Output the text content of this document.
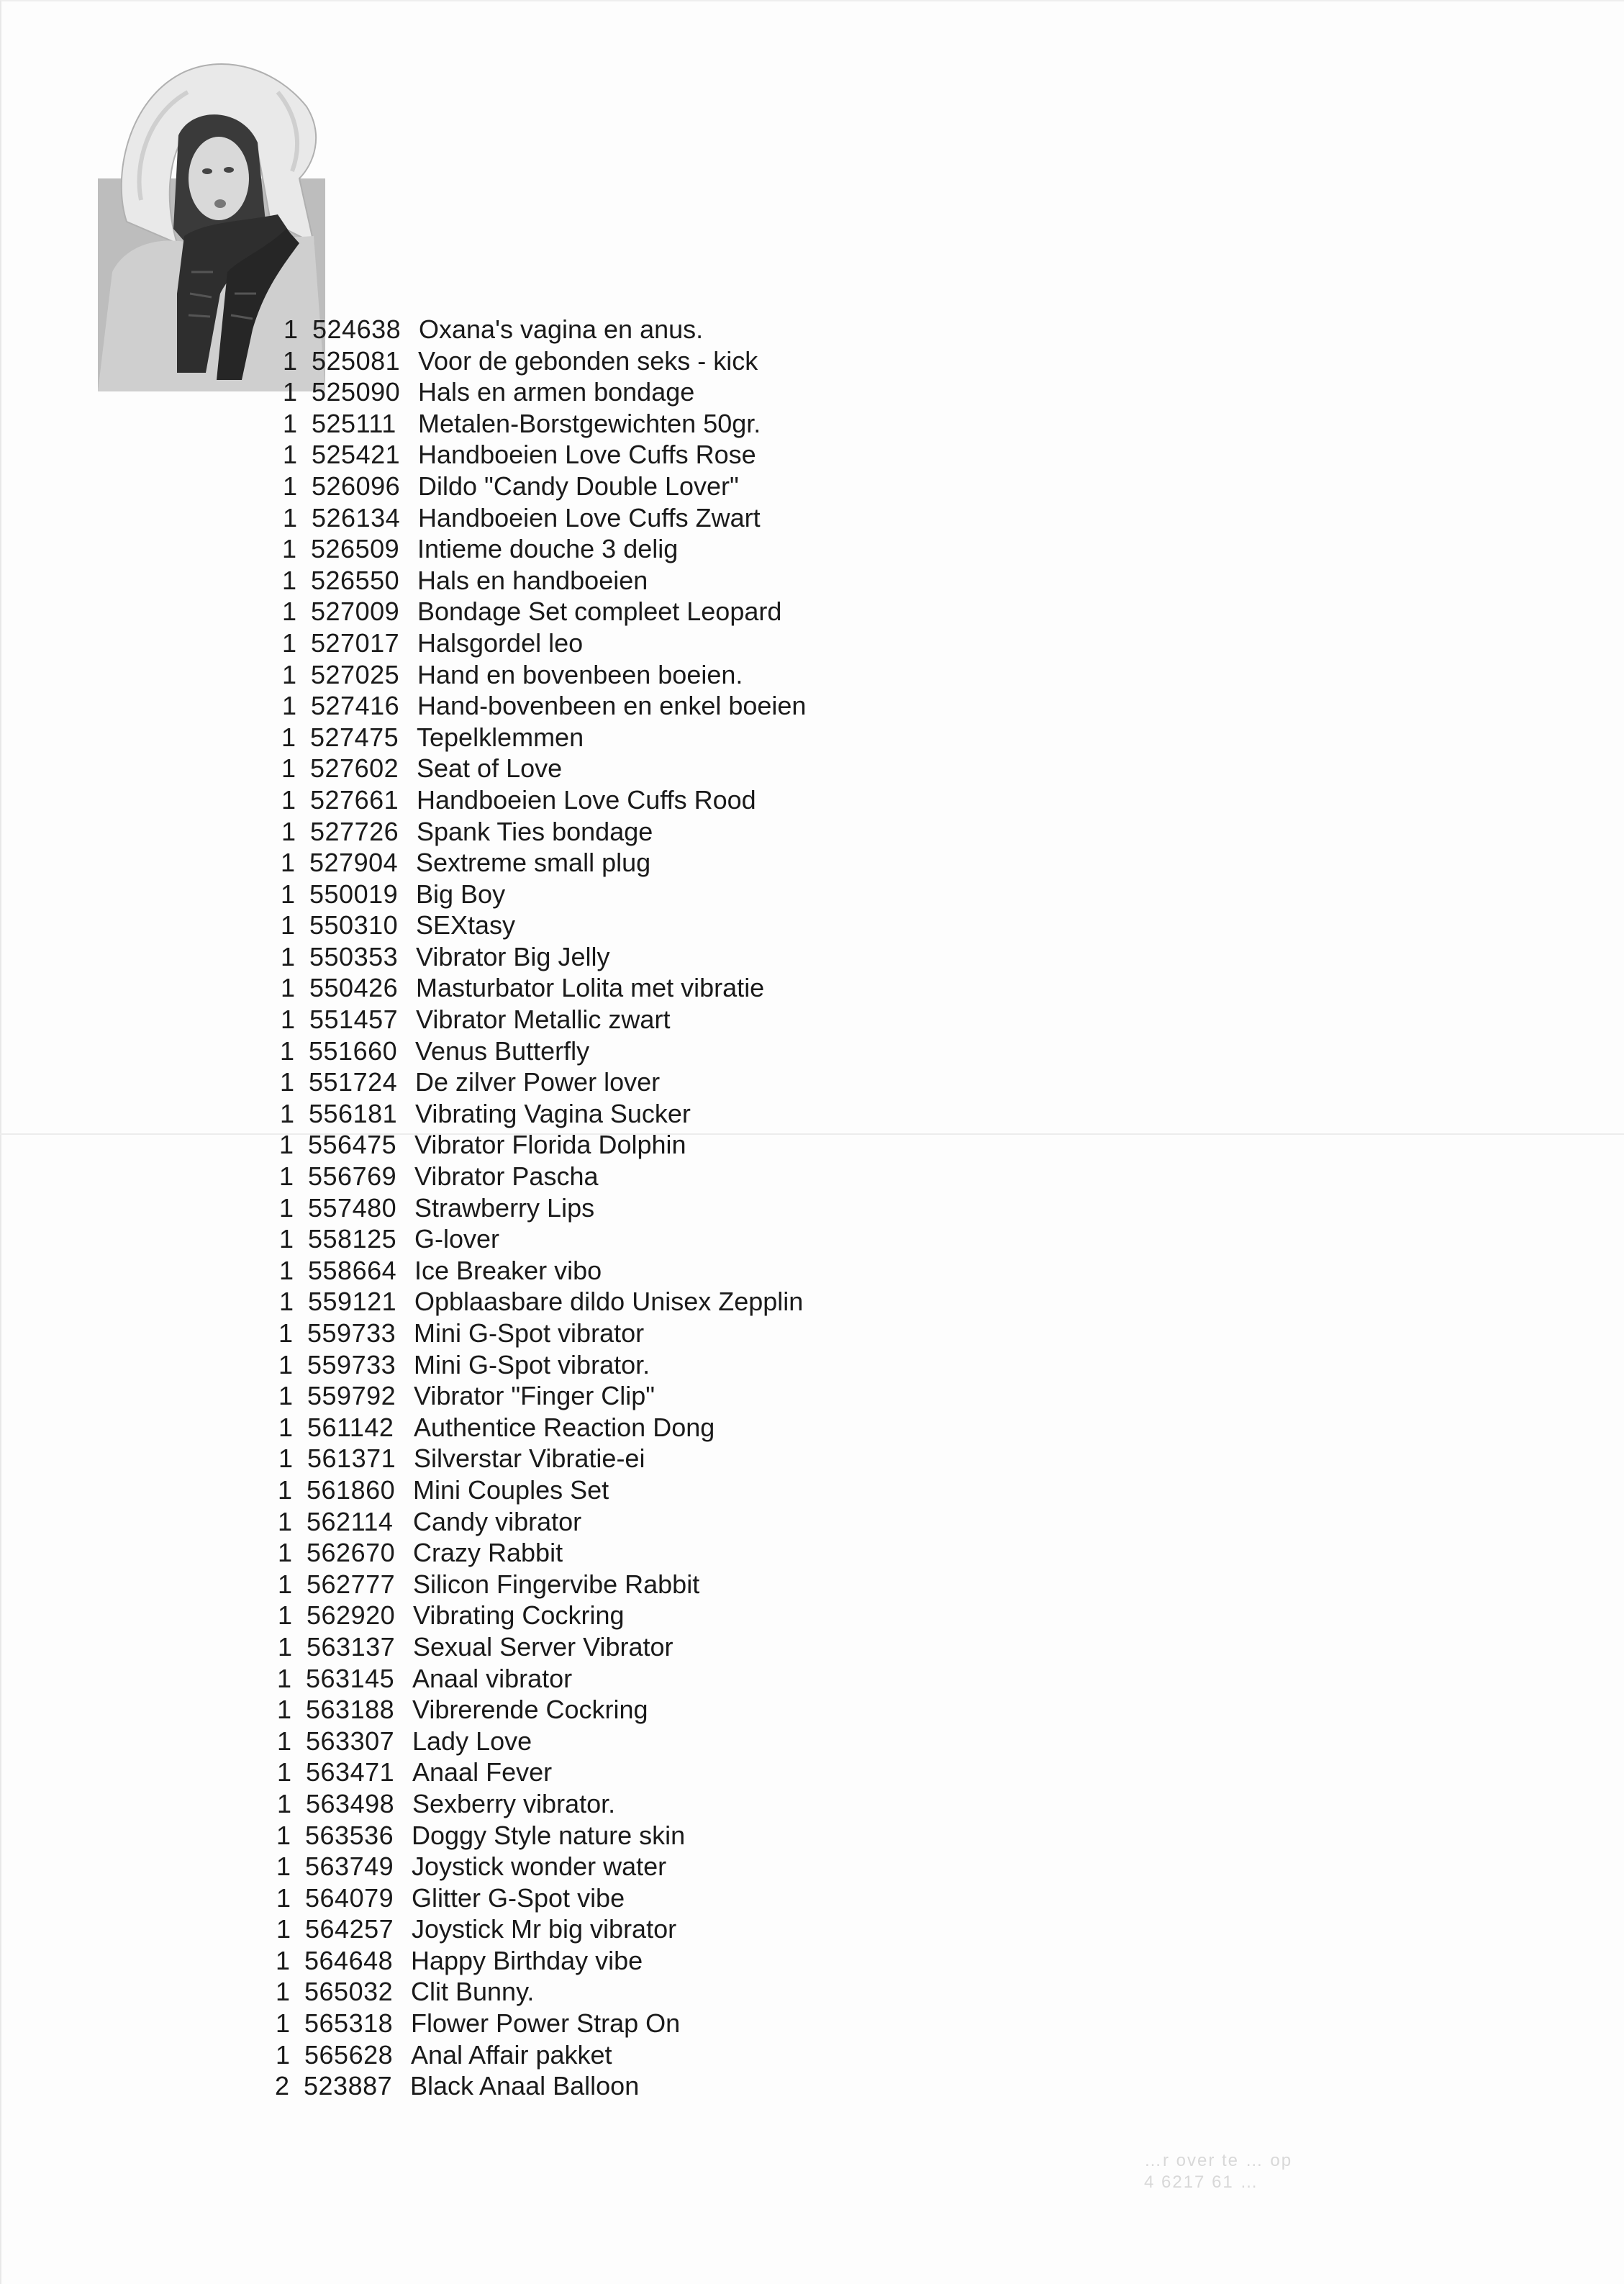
1 524638 Oxana's vagina en anus.
1 525081 Voor de gebonden seks - kick
1 525090 Hals en armen bondage
1 525111 Metalen-Borstgewichten 50gr.
1 525421 Handboeien Love Cuffs Rose
1 526096 Dildo "Candy Double Lover"
1 526134 Handboeien Love Cuffs Zwart
1 526509 Intieme douche 3 delig
1 526550 Hals en handboeien
1 527009 Bondage Set compleet Leopard
1 527017 Halsgordel leo
1 527025 Hand en bovenbeen boeien.
1 527416 Hand-bovenbeen en enkel boeien
1 527475 Tepelklemmen
1 527602 Seat of Love
1 527661 Handboeien Love Cuffs Rood
1 527726 Spank Ties bondage
1 527904 Sextreme small plug
1 550019 Big Boy
1 550310 SEXtasy
1 550353 Vibrator Big Jelly
1 550426 Masturbator Lolita met vibratie
1 551457 Vibrator Metallic zwart
1 551660 Venus Butterfly
1 551724 De zilver Power lover
1 556181 Vibrating Vagina Sucker
1 556475 Vibrator Florida Dolphin
1 556769 Vibrator Pascha
1 557480 Strawberry Lips
1 558125 G-lover
1 558664 Ice Breaker vibo
1 559121 Opblaasbare dildo Unisex Zepplin
1 559733 Mini G-Spot vibrator
1 559733 Mini G-Spot vibrator.
1 559792 Vibrator "Finger Clip"
1 561142 Authentice Reaction Dong
1 561371 Silverstar Vibratie-ei
1 561860 Mini Couples Set
1 562114 Candy vibrator
1 562670 Crazy Rabbit
1 562777 Silicon Fingervibe Rabbit
1 562920 Vibrating Cockring
1 563137 Sexual Server Vibrator
1 563145 Anaal vibrator
1 563188 Vibrerende Cockring
1 563307 Lady Love
1 563471 Anaal Fever
1 563498 Sexberry vibrator.
1 563536 Doggy Style nature skin
1 563749 Joystick wonder water
1 564079 Glitter G-Spot vibe
1 564257 Joystick Mr big vibrator
1 564648 Happy Birthday vibe
1 565032 Clit Bunny.
1 565318 Flower Power Strap On
1 565628 Anal Affair pakket
2 523887 Black Anaal Balloon
…r over te … op
4 6217 61 …
